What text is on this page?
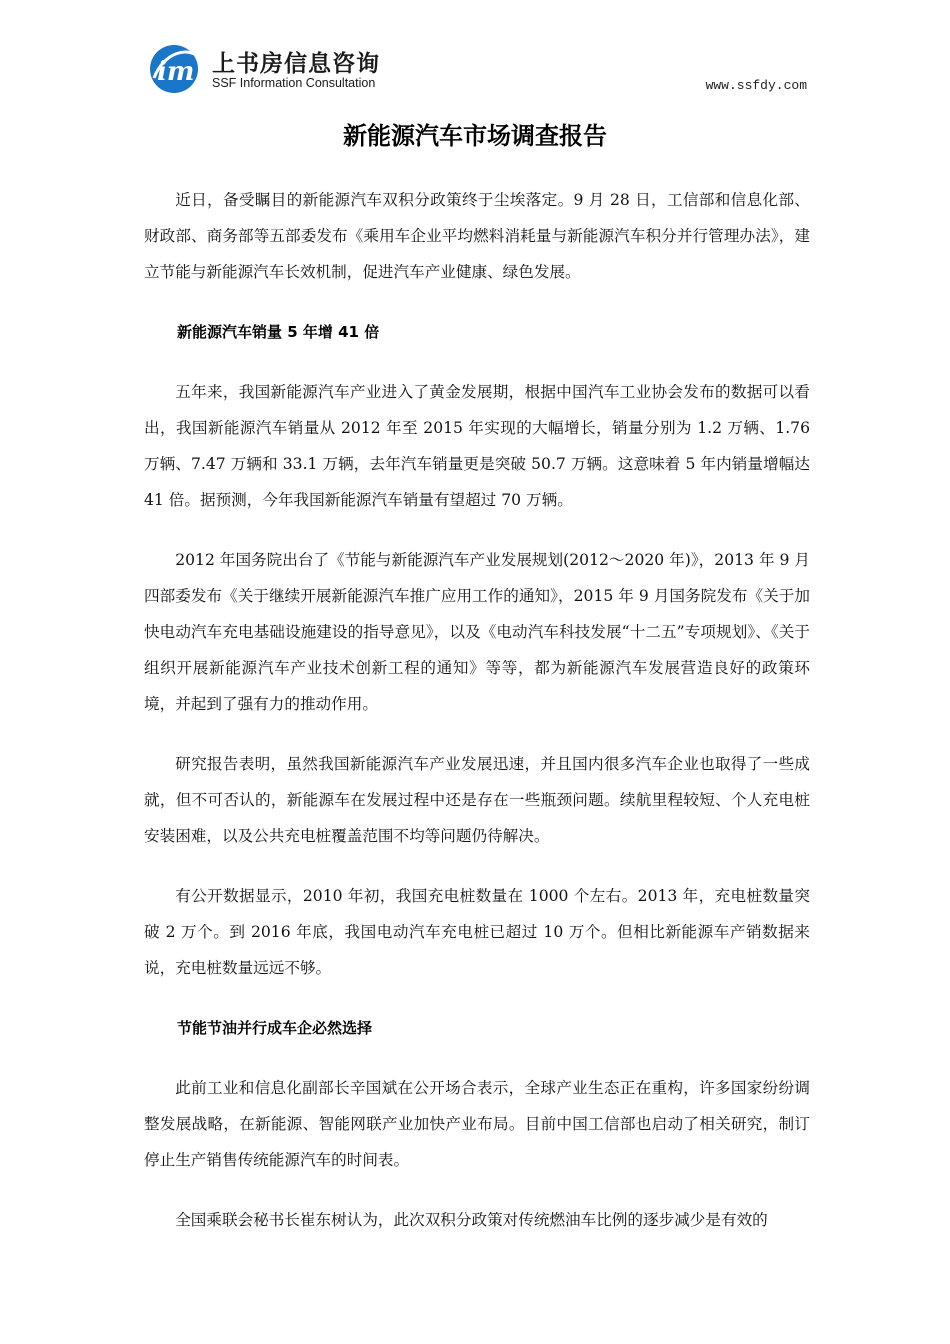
im 上书房信息咨询
SSF Information Consultation	www.ssfdy.com
新能源汽车市场调查报告

近日，备受瞩目的新能源汽车双积分政策终于尘埃落定。9 月 28 日，工信部和信息化部、财政部、商务部等五部委发布《乘用车企业平均燃料消耗量与新能源汽车积分并行管理办法》，建立节能与新能源汽车长效机制，促进汽车产业健康、绿色发展。

新能源汽车销量 5 年增 41 倍

五年来，我国新能源汽车产业进入了黄金发展期，根据中国汽车工业协会发布的数据可以看出，我国新能源汽车销量从 2012 年至 2015 年实现的大幅增长，销量分别为 1.2 万辆、1.76 万辆、7.47 万辆和 33.1 万辆，去年汽车销量更是突破 50.7 万辆。这意味着 5 年内销量增幅达 41 倍。据预测，今年我国新能源汽车销量有望超过 70 万辆。

2012 年国务院出台了《节能与新能源汽车产业发展规划(2012～2020 年)》，2013 年 9 月四部委发布《关于继续开展新能源汽车推广应用工作的通知》，2015 年 9 月国务院发布《关于加快电动汽车充电基础设施建设的指导意见》，以及《电动汽车科技发展“十二五”专项规划》、《关于组织开展新能源汽车产业技术创新工程的通知》等等，都为新能源汽车发展营造良好的政策环境，并起到了强有力的推动作用。

研究报告表明，虽然我国新能源汽车产业发展迅速，并且国内很多汽车企业也取得了一些成就，但不可否认的，新能源车在发展过程中还是存在一些瓶颈问题。续航里程较短、个人充电桩安装困难，以及公共充电桩覆盖范围不均等问题仍待解决。

有公开数据显示，2010 年初，我国充电桩数量在 1000 个左右。2013 年，充电桩数量突破 2 万个。到 2016 年底，我国电动汽车充电桩已超过 10 万个。但相比新能源车产销数据来说，充电桩数量远远不够。

节能节油并行成车企必然选择

此前工业和信息化副部长辛国斌在公开场合表示，全球产业生态正在重构，许多国家纷纷调整发展战略，在新能源、智能网联产业加快产业布局。目前中国工信部也启动了相关研究，制订停止生产销售传统能源汽车的时间表。

全国乘联会秘书长崔东树认为，此次双积分政策对传统燃油车比例的逐步减少是有效的
